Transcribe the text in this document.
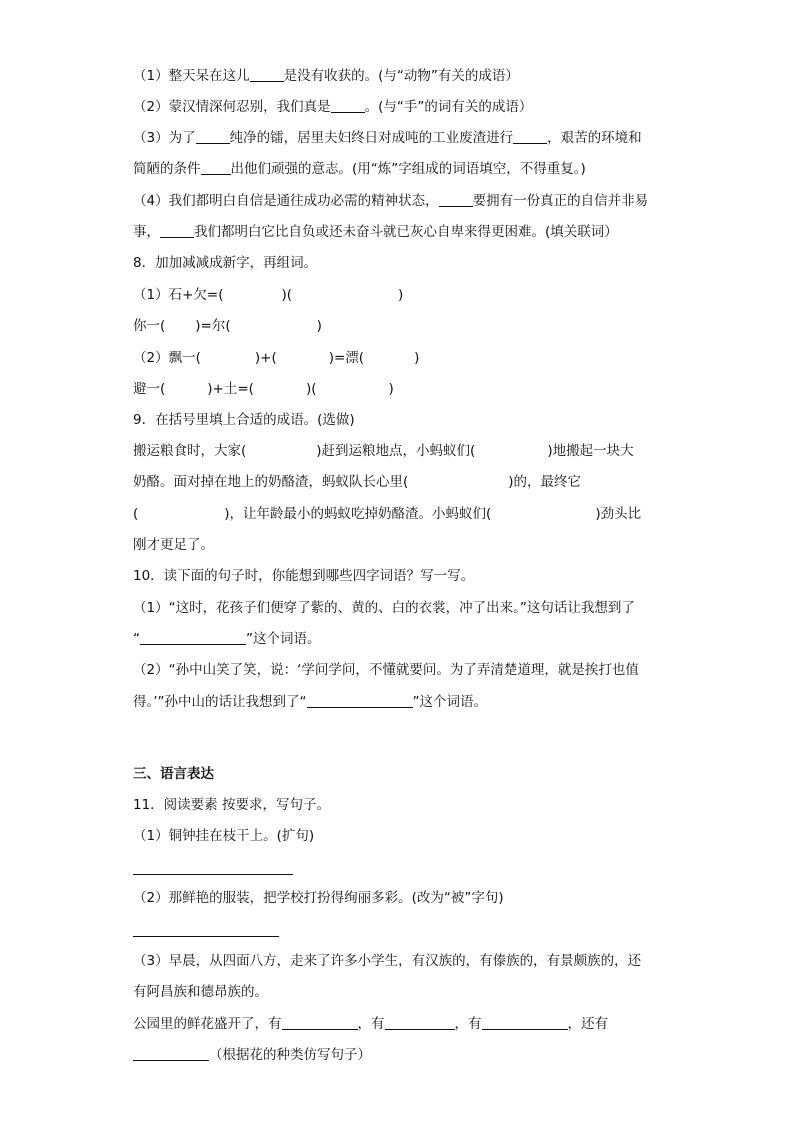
（1）整天呆在这儿	是没有收获的。(与“动物”有关的成语）
（2）蒙汉情深何忍别，我们真是	。(与“手”的词有关的成语）
（3）为了	纯净的镭，居里夫妇终日对成吨的工业废渣进行	，艰苦的环境和
简陋的条件 出他们顽强的意志。(用“炼”字组成的词语填空，不得重复。)
（4）我们都明白自信是通往成功必需的精神状态，	要拥有一份真正的自信并非易
事，	我们都明白它比自负或还未奋斗就已灰心自卑来得更困难。(填关联词）
8．加加减减成新字，再组词。
（1）石+欠=(	)(	)
你一( )=尔(	)
（2）飘一(	)+(	)=漂(	)
避一(	)+土=(	)(	)
9．在括号里填上合适的成语。(选做)
搬运粮食时，大家(	)赶到运粮地点，小蚂蚁们(	)地搬起一块大
奶酪。面对掉在地上的奶酪渣，蚂蚁队长心里(	)的，最终它
(	)，让年龄最小的蚂蚁吃掉奶酪渣。小蚂蚁们(	)劲头比
刚才更足了。
10．读下面的句子时，你能想到哪些四字词语？写一写。
（1）“这时，花孩子们便穿了紫的、黄的、白的衣裳，冲了出来。”这句话让我想到了
“	”这个词语。
（2）“孙中山笑了笑，说：‘学问学问，不懂就要问。为了弄清楚道理，就是挨打也值
得。’”孙中山的话让我想到了“	”这个词语。
三、语言表达
11．阅读要素 按要求，写句子。
（1）铜钟挂在枝干上。(扩句)
（2）那鲜艳的服装，把学校打扮得绚丽多彩。(改为“被”字句)
（3）早晨，从四面八方，走来了许多小学生，有汉族的，有傣族的，有景颇族的，还
有阿昌族和德昂族的。
公园里的鲜花盛开了，有	，有	，有	，还有
（根据花的种类仿写句子）
